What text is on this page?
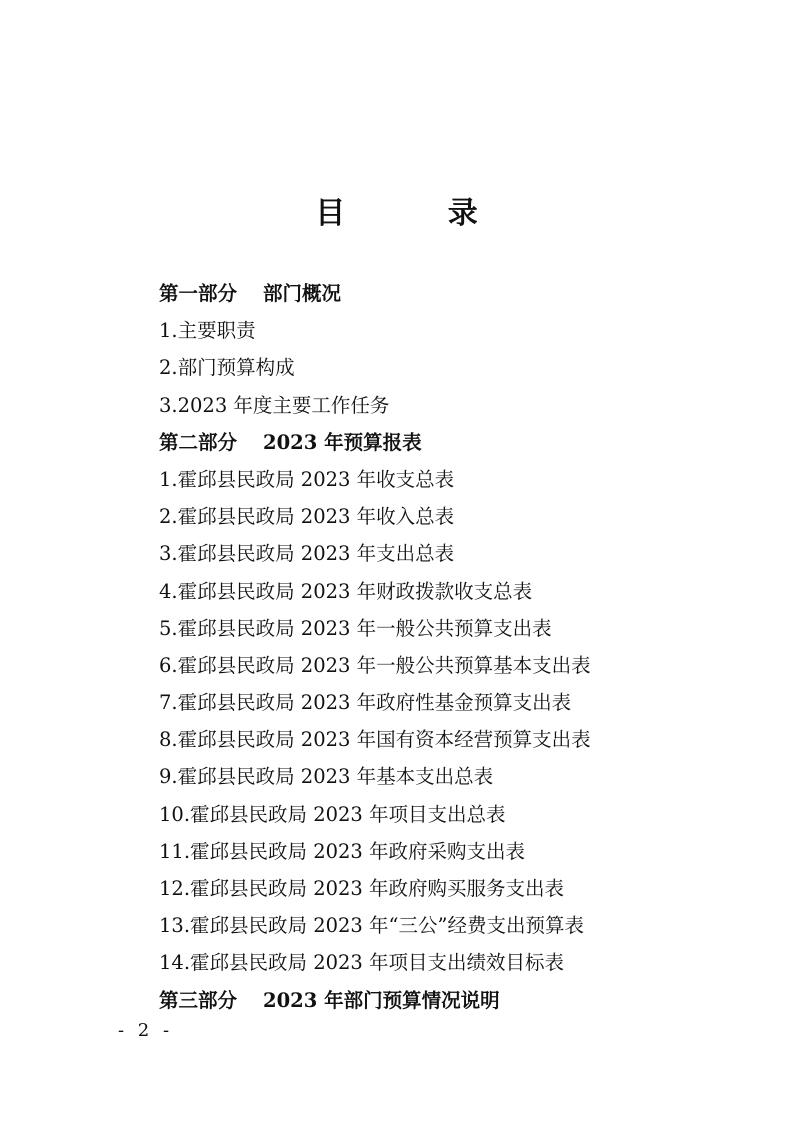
目 录
第一部分 部门概况
1.主要职责
2.部门预算构成
3.2023 年度主要工作任务
第二部分 2023 年预算报表
1.霍邱县民政局 2023 年收支总表
2.霍邱县民政局 2023 年收入总表
3.霍邱县民政局 2023 年支出总表
4.霍邱县民政局 2023 年财政拨款收支总表
5.霍邱县民政局 2023 年一般公共预算支出表
6.霍邱县民政局 2023 年一般公共预算基本支出表
7.霍邱县民政局 2023 年政府性基金预算支出表
8.霍邱县民政局 2023 年国有资本经营预算支出表
9.霍邱县民政局 2023 年基本支出总表
10.霍邱县民政局 2023 年项目支出总表
11.霍邱县民政局 2023 年政府采购支出表
12.霍邱县民政局 2023 年政府购买服务支出表
13.霍邱县民政局 2023 年“三公”经费支出预算表
14.霍邱县民政局 2023 年项目支出绩效目标表
第三部分 2023 年部门预算情况说明
- 2 -
